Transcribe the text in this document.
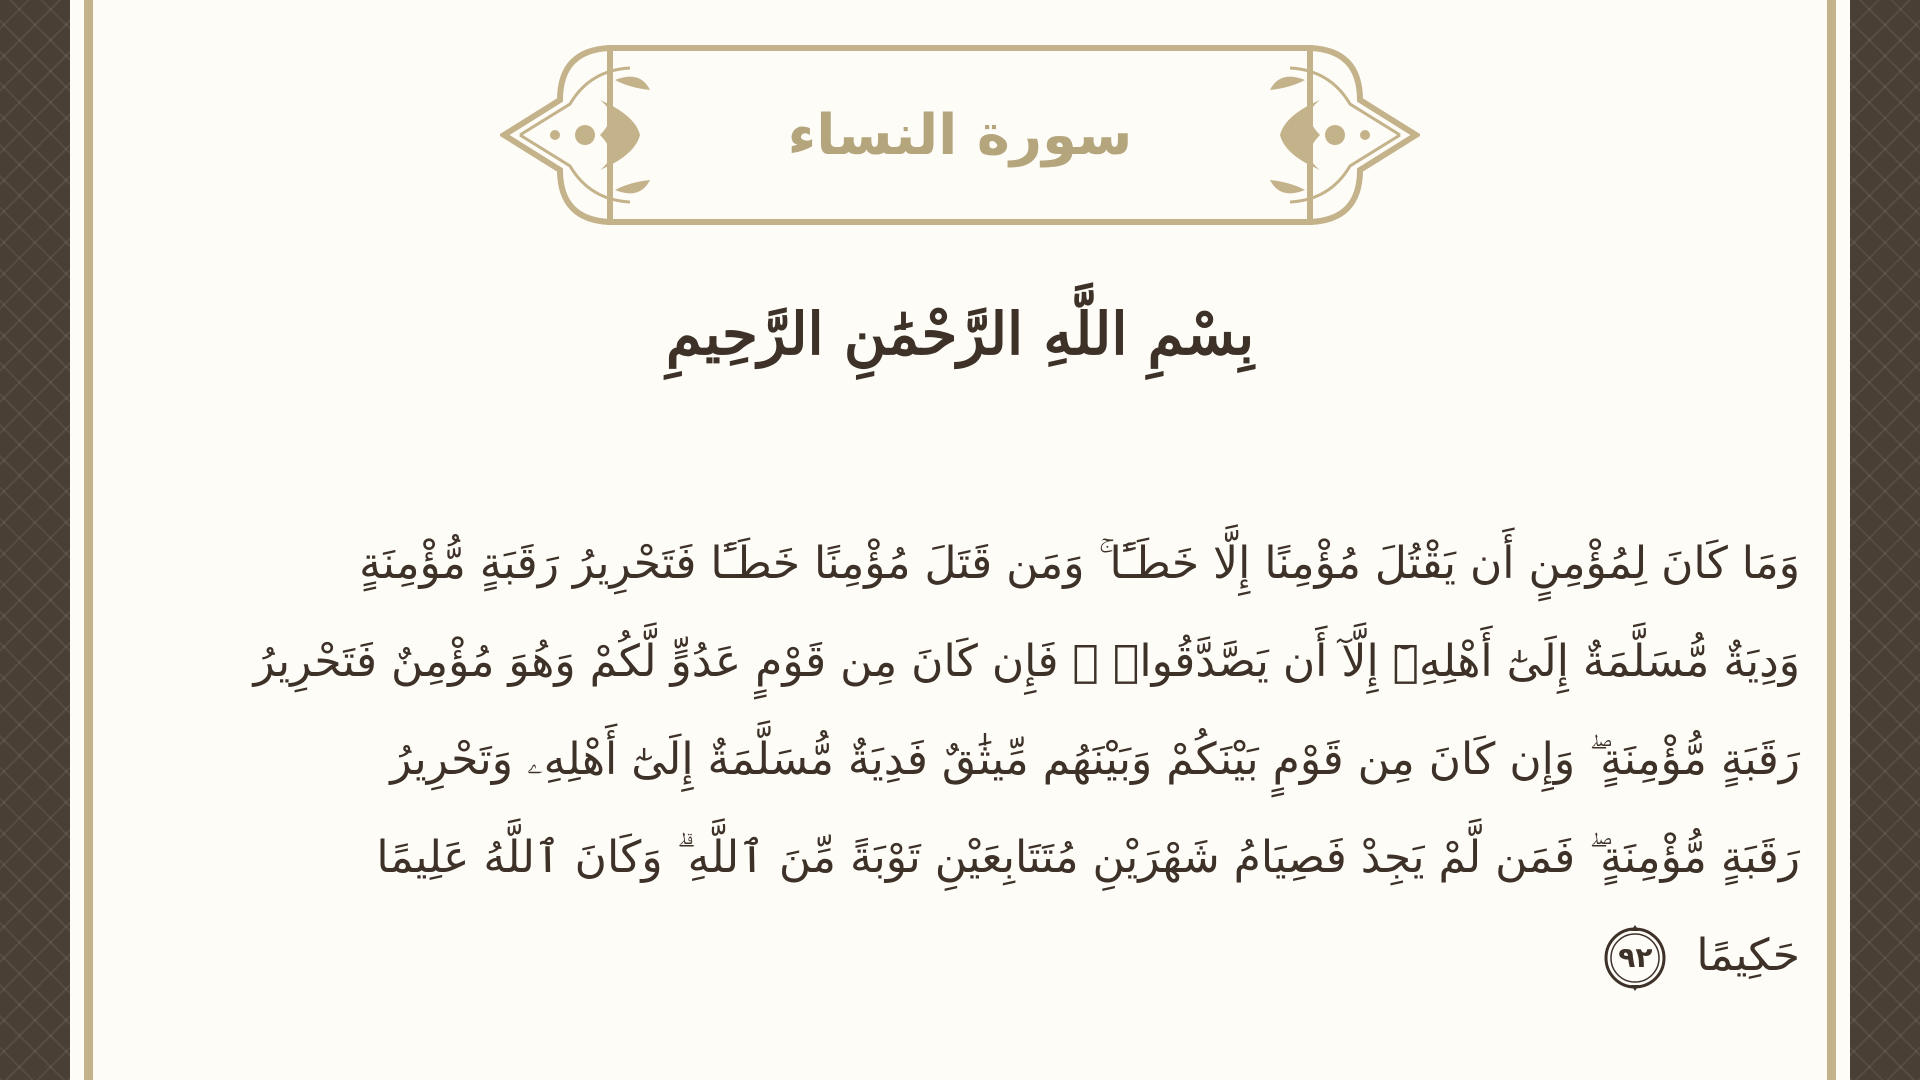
سورة النساء
بِسْمِ اللَّهِ الرَّحْمَٰنِ الرَّحِيمِ
وَمَا كَانَ لِمُؤْمِنٍ أَن يَقْتُلَ مُؤْمِنًا إِلَّا خَطَـًٔا ۚ وَمَن قَتَلَ مُؤْمِنًا خَطَـًٔا فَتَحْرِيرُ رَقَبَةٍ مُّؤْمِنَةٍ
وَدِيَةٌ مُّسَلَّمَةٌ إِلَىٰٓ أَهْلِهِۦٓ إِلَّآ أَن يَصَّدَّقُوا۟ ۚ فَإِن كَانَ مِن قَوْمٍ عَدُوٍّ لَّكُمْ وَهُوَ مُؤْمِنٌ فَتَحْرِيرُ
رَقَبَةٍ مُّؤْمِنَةٍ ۖ وَإِن كَانَ مِن قَوْمٍ بَيْنَكُمْ وَبَيْنَهُم مِّيثَٰقٌ فَدِيَةٌ مُّسَلَّمَةٌ إِلَىٰٓ أَهْلِهِۦ وَتَحْرِيرُ
رَقَبَةٍ مُّؤْمِنَةٍ ۖ فَمَن لَّمْ يَجِدْ فَصِيَامُ شَهْرَيْنِ مُتَتَابِعَيْنِ تَوْبَةً مِّنَ ٱللَّهِ ۗ وَكَانَ ٱللَّهُ عَلِيمًا
حَكِيمًا
٩٢
